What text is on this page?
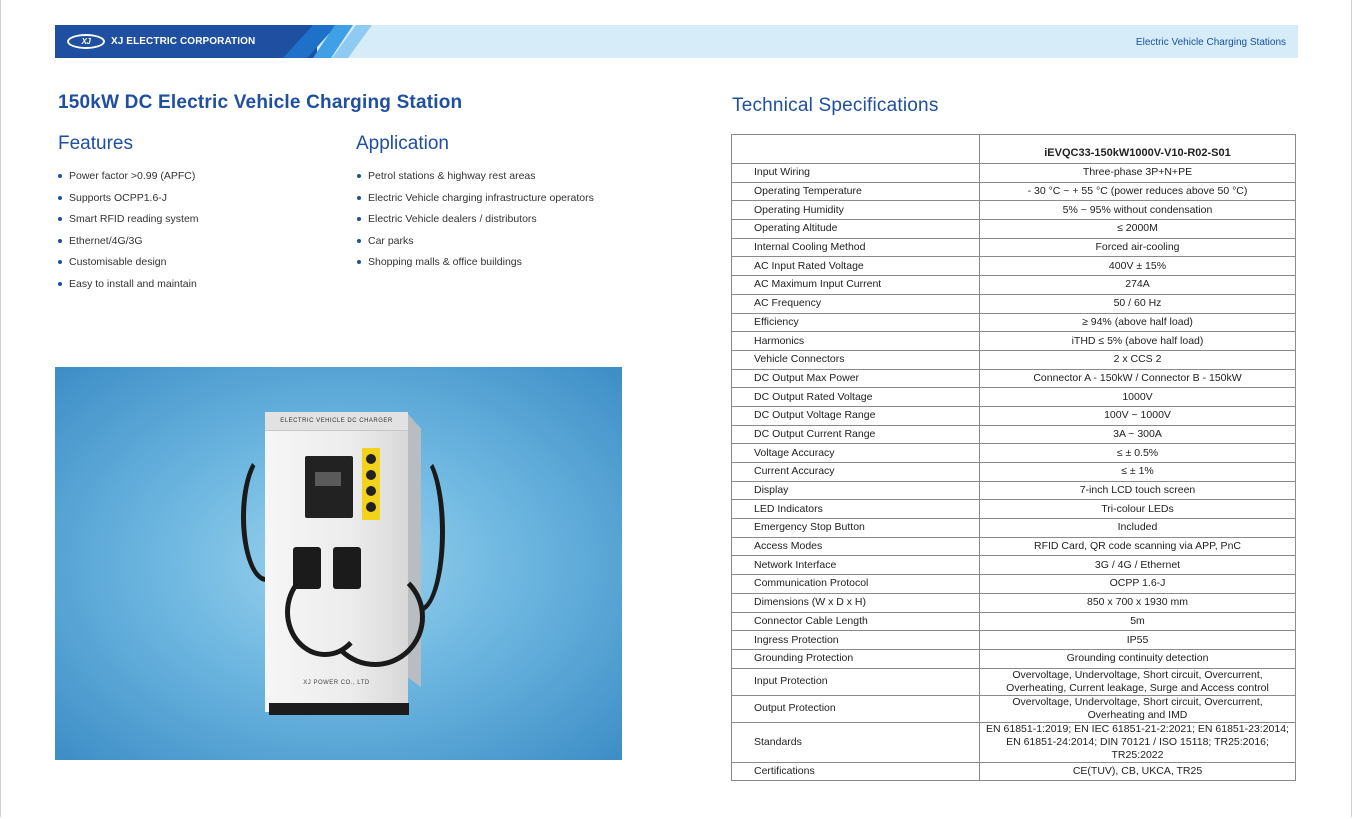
XJ XJ ELECTRIC CORPORATION	Electric Vehicle Charging Stations
150kW DC Electric Vehicle Charging Station
Features
Power factor >0.99 (APFC)
Supports OCPP1.6-J
Smart RFID reading system
Ethernet/4G/3G
Customisable design
Easy to install and maintain
Application
Petrol stations & highway rest areas
Electric Vehicle charging infrastructure operators
Electric Vehicle dealers / distributors
Car parks
Shopping malls & office buildings
ELECTRIC VEHICLE DC CHARGER
XJ POWER CO., LTD
Technical Specifications
	iEVQC33-150kW1000V-V10-R02-S01
Input Wiring	Three-phase 3P+N+PE
Operating Temperature	- 30 °C ~ + 55 °C (power reduces above 50 °C)
Operating Humidity	5% ~ 95% without condensation
Operating Altitude	≤ 2000M
Internal Cooling Method	Forced air-cooling
AC Input Rated Voltage	400V ± 15%
AC Maximum Input Current	274A
AC Frequency	50 / 60 Hz
Efficiency	≥ 94% (above half load)
Harmonics	iTHD ≤ 5% (above half load)
Vehicle Connectors	2 x CCS 2
DC Output Max Power	Connector A - 150kW / Connector B - 150kW
DC Output Rated Voltage	1000V
DC Output Voltage Range	100V ~ 1000V
DC Output Current Range	3A ~ 300A
Voltage Accuracy	≤ ± 0.5%
Current Accuracy	≤ ± 1%
Display	7-inch LCD touch screen
LED Indicators	Tri-colour LEDs
Emergency Stop Button	Included
Access Modes	RFID Card, QR code scanning via APP, PnC
Network Interface	3G / 4G / Ethernet
Communication Protocol	OCPP 1.6-J
Dimensions (W x D x H)	850 x 700 x 1930 mm
Connector Cable Length	5m
Ingress Protection	IP55
Grounding Protection	Grounding continuity detection
Input Protection	Overvoltage, Undervoltage, Short circuit, Overcurrent, Overheating, Current leakage, Surge and Access control
Output Protection	Overvoltage, Undervoltage, Short circuit, Overcurrent, Overheating and IMD
Standards	EN 61851-1:2019; EN IEC 61851-21-2:2021; EN 61851-23:2014; EN 61851-24:2014; DIN 70121 / ISO 15118; TR25:2016; TR25:2022
Certifications	CE(TUV), CB, UKCA, TR25
